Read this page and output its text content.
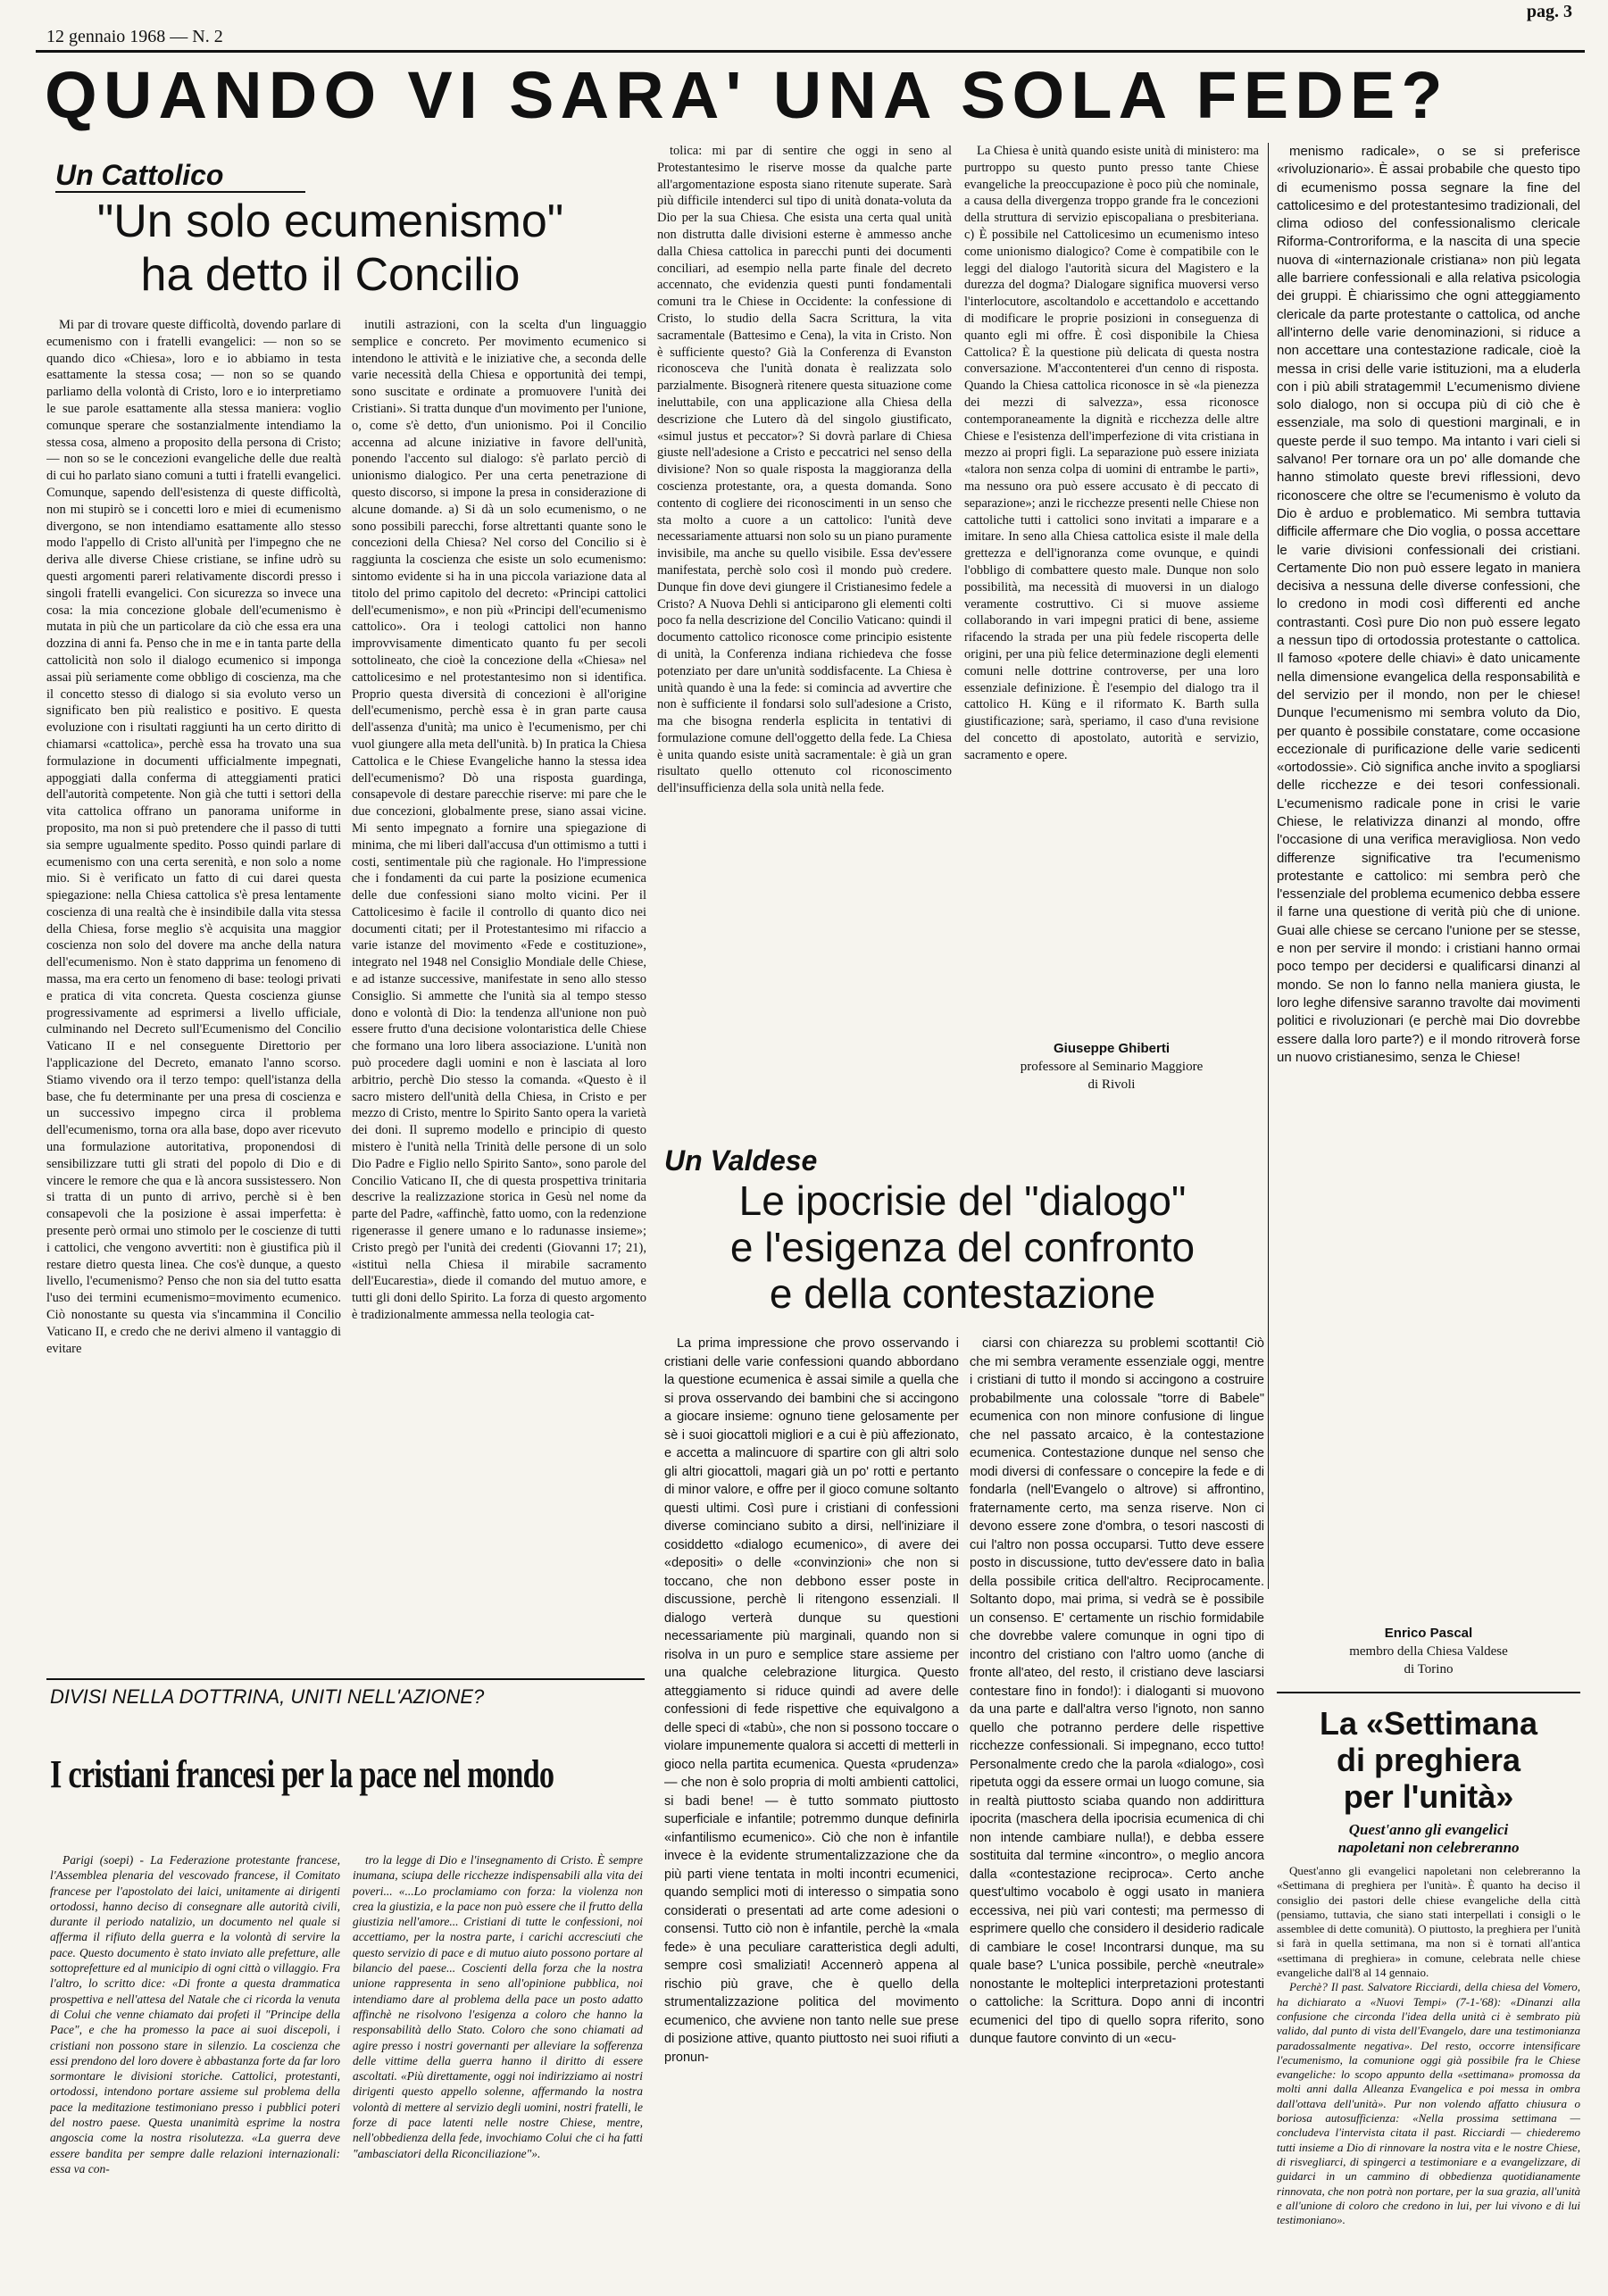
12 gennaio 1968 — N. 2
pag. 3
QUANDO VI SARA' UNA SOLA FEDE?
Un Cattolico
"Un solo ecumenismo"
ha detto il Concilio

Mi par di trovare queste difficoltà, dovendo parlare di ecumenismo con i fratelli evangelici: — non so se quando dico «Chiesa», loro e io abbiamo in testa esattamente la stessa cosa; — non so se quando parliamo della volontà di Cristo, loro e io interpretiamo le sue parole esattamente alla stessa maniera: voglio comunque sperare che sostanzialmente intendiamo la stessa cosa, almeno a proposito della persona di Cristo; — non so se le concezioni evangeliche delle due realtà di cui ho parlato siano comuni a tutti i fratelli evangelici. Comunque, sapendo dell'esistenza di queste difficoltà, non mi stupirò se i concetti loro e miei di ecumenismo divergono, se non intendiamo esattamente allo stesso modo l'appello di Cristo all'unità per l'impegno che ne deriva alle diverse Chiese cristiane, se infine udrò su questi argomenti pareri relativamente discordi presso i singoli fratelli evangelici. Con sicurezza so invece una cosa: la mia concezione globale dell'ecumenismo è mutata in più che un particolare da ciò che essa era una dozzina di anni fa. Penso che in me e in tanta parte della cattolicità non solo il dialogo ecumenico si imponga assai più seriamente come obbligo di coscienza, ma che il concetto stesso di dialogo si sia evoluto verso un significato ben più realistico e positivo. E questa evoluzione con i risultati raggiunti ha un certo diritto di chiamarsi «cattolica», perchè essa ha trovato una sua formulazione in documenti ufficialmente impegnati, appoggiati dalla conferma di atteggiamenti pratici dell'autorità competente. Non già che tutti i settori della vita cattolica offrano un panorama uniforme in proposito, ma non si può pretendere che il passo di tutti sia sempre ugualmente spedito. Posso quindi parlare di ecumenismo con una certa serenità, e non solo a nome mio. Si è verificato un fatto di cui darei questa spiegazione: nella Chiesa cattolica s'è presa lentamente coscienza di una realtà che è insindibile dalla vita stessa della Chiesa, forse meglio s'è acquisita una maggior coscienza non solo del dovere ma anche della natura dell'ecumenismo. Non è stato dapprima un fenomeno di massa, ma era certo un fenomeno di base: teologi privati e pratica di vita concreta. Questa coscienza giunse progressivamente ad esprimersi a livello ufficiale, culminando nel Decreto sull'Ecumenismo del Concilio Vaticano II e nel conseguente Direttorio per l'applicazione del Decreto, emanato l'anno scorso. Stiamo vivendo ora il terzo tempo: quell'istanza della base, che fu determinante per una presa di coscienza e un successivo impegno circa il problema dell'ecumenismo, torna ora alla base, dopo aver ricevuto una formulazione autoritativa, proponendosi di sensibilizzare tutti gli strati del popolo di Dio e di vincere le remore che qua e là ancora sussistessero. Non si tratta di un punto di arrivo, perchè si è ben consapevoli che la posizione è assai imperfetta: è presente però ormai uno stimolo per le coscienze di tutti i cattolici, che vengono avvertiti: non è giustifica più il restare dietro questa linea. Che cos'è dunque, a questo livello, l'ecumenismo? Penso che non sia del tutto esatta l'uso dei termini ecumenismo=movimento ecumenico. Ciò nonostante su questa via s'incammina il Concilio Vaticano II, e credo che ne derivi almeno il vantaggio di evitare

inutili astrazioni, con la scelta d'un linguaggio semplice e concreto. Per movimento ecumenico si intendono le attività e le iniziative che, a seconda delle varie necessità della Chiesa e opportunità dei tempi, sono suscitate e ordinate a promuovere l'unità dei Cristiani». Si tratta dunque d'un movimento per l'unione, o, come s'è detto, d'un unionismo. Poi il Concilio accenna ad alcune iniziative in favore dell'unità, ponendo l'accento sul dialogo: s'è parlato perciò di unionismo dialogico. Per una certa penetrazione di questo discorso, si impone la presa in considerazione di alcune domande. a) Si dà un solo ecumenismo, o ne sono possibili parecchi, forse altrettanti quante sono le concezioni della Chiesa? Nel corso del Concilio si è raggiunta la coscienza che esiste un solo ecumenismo: sintomo evidente si ha in una piccola variazione data al titolo del primo capitolo del decreto: «Principi cattolici dell'ecumenismo», e non più «Principi dell'ecumenismo cattolico». Ora i teologi cattolici non hanno improvvisamente dimenticato quanto fu per secoli sottolineato, che cioè la concezione della «Chiesa» nel cattolicesimo e nel protestantesimo non si identifica. Proprio questa diversità di concezioni è all'origine dell'ecumenismo, perchè essa è in gran parte causa dell'assenza d'unità; ma unico è l'ecumenismo, per chi vuol giungere alla meta dell'unità. b) In pratica la Chiesa Cattolica e le Chiese Evangeliche hanno la stessa idea dell'ecumenismo? Dò una risposta guardinga, consapevole di destare parecchie riserve: mi pare che le due concezioni, globalmente prese, siano assai vicine. Mi sento impegnato a fornire una spiegazione di minima, che mi liberi dall'accusa d'un ottimismo a tutti i costi, sentimentale più che ragionale. Ho l'impressione che i fondamenti da cui parte la posizione ecumenica delle due confessioni siano molto vicini. Per il Cattolicesimo è facile il controllo di quanto dico nei documenti citati; per il Protestantesimo mi rifaccio a varie istanze del movimento «Fede e costituzione», integrato nel 1948 nel Consiglio Mondiale delle Chiese, e ad istanze successive, manifestate in seno allo stesso Consiglio. Si ammette che l'unità sia al tempo stesso dono e volontà di Dio: la tendenza all'unione non può essere frutto d'una decisione volontaristica delle Chiese che formano una loro libera associazione. L'unità non può procedere dagli uomini e non è lasciata al loro arbitrio, perchè Dio stesso la comanda. «Questo è il sacro mistero dell'unità della Chiesa, in Cristo e per mezzo di Cristo, mentre lo Spirito Santo opera la varietà dei doni. Il supremo modello e principio di questo mistero è l'unità nella Trinità delle persone di un solo Dio Padre e Figlio nello Spirito Santo», sono parole del Concilio Vaticano II, che di questa prospettiva trinitaria descrive la realizzazione storica in Gesù nel nome da parte del Padre, «affinchè, fatto uomo, con la redenzione rigenerasse il genere umano e lo radunasse insieme»; Cristo pregò per l'unità dei credenti (Giovanni 17; 21), «istituì nella Chiesa il mirabile sacramento dell'Eucarestia», diede il comando del mutuo amore, e tutti gli doni dello Spirito. La forza di questo argomento è tradizionalmente ammessa nella teologia cat-

tolica: mi par di sentire che oggi in seno al Protestantesimo le riserve mosse da qualche parte all'argomentazione esposta siano ritenute superate. Sarà più difficile intenderci sul tipo di unità donata-voluta da Dio per la sua Chiesa. Che esista una certa qual unità non distrutta dalle divisioni esterne è ammesso anche dalla Chiesa cattolica in parecchi punti dei documenti conciliari, ad esempio nella parte finale del decreto accennato, che evidenzia questi punti fondamentali comuni tra le Chiese in Occidente: la confessione di Cristo, lo studio della Sacra Scrittura, la vita sacramentale (Battesimo e Cena), la vita in Cristo. Non è sufficiente questo? Già la Conferenza di Evanston riconosceva che l'unità donata è realizzata solo parzialmente. Bisognerà ritenere questa situazione come ineluttabile, con una applicazione alla Chiesa della descrizione che Lutero dà del singolo giustificato, «simul justus et peccator»? Si dovrà parlare di Chiesa giuste nell'adesione a Cristo e peccatrici nel senso della divisione? Non so quale risposta la maggioranza della coscienza protestante, ora, a questa domanda. Sono contento di cogliere dei riconoscimenti in un senso che sta molto a cuore a un cattolico: l'unità deve necessariamente attuarsi non solo su un piano puramente invisibile, ma anche su quello visibile. Essa dev'essere manifestata, perchè solo così il mondo può credere. Dunque fin dove devi giungere il Cristianesimo fedele a Cristo? A Nuova Dehli si anticiparono gli elementi colti poco fa nella descrizione del Concilio Vaticano: quindi il documento cattolico riconosce come principio esistente di unità, la Conferenza indiana richiedeva che fosse potenziato per dare un'unità soddisfacente. La Chiesa è unità quando è una la fede: si comincia ad avvertire che non è sufficiente il fondarsi solo sull'adesione a Cristo, ma che bisogna renderla esplicita in tentativi di formulazione comune dell'oggetto della fede. La Chiesa è unita quando esiste unità sacramentale: è già un gran risultato quello ottenuto col riconoscimento dell'insufficienza della sola unità nella fede.

La Chiesa è unità quando esiste unità di ministero: ma purtroppo su questo punto presso tante Chiese evangeliche la preoccupazione è poco più che nominale, a causa della divergenza troppo grande fra le concezioni della struttura di servizio episcopaliana o presbiteriana. c) È possibile nel Cattolicesimo un ecumenismo inteso come unionismo dialogico? Come è compatibile con le leggi del dialogo l'autorità sicura del Magistero e la durezza del dogma? Dialogare significa muoversi verso l'interlocutore, ascoltandolo e accettandolo e accettando di modificare le proprie posizioni in conseguenza di quanto egli mi offre. È così disponibile la Chiesa Cattolica? È la questione più delicata di questa nostra conversazione. M'accontenterei d'un cenno di risposta. Quando la Chiesa cattolica riconosce in sè «la pienezza dei mezzi di salvezza», essa riconosce contemporaneamente la dignità e ricchezza delle altre Chiese e l'esistenza dell'imperfezione di vita cristiana in mezzo ai propri figli. La separazione può essere iniziata «talora non senza colpa di uomini di entrambe le parti», ma nessuno ora può essere accusato è di peccato di separazione»; anzi le ricchezze presenti nelle Chiese non cattoliche tutti i cattolici sono invitati a imparare e a imitare. In seno alla Chiesa cattolica esiste il male della grettezza e dell'ignoranza come ovunque, e quindi l'obbligo di combattere questo male. Dunque non solo possibilità, ma necessità di muoversi in un dialogo veramente costruttivo. Ci si muove assieme collaborando in vari impegni pratici di bene, assieme rifacendo la strada per una più fedele riscoperta delle origini, per una più felice determinazione degli elementi comuni nelle dottrine controverse, per una loro essenziale definizione. È l'esempio del dialogo tra il cattolico H. Küng e il riformato K. Barth sulla giustificazione; sarà, speriamo, il caso d'una revisione del concetto di apostolato, autorità e servizio, sacramento e opere.

Giuseppe Ghiberti
professore al Seminario Maggiore
di Rivoli

menismo radicale», o se si preferisce «rivoluzionario». È assai probabile che questo tipo di ecumenismo possa segnare la fine del cattolicesimo e del protestantesimo tradizionali, del clima odioso del confessionalismo clericale Riforma-Controriforma, e la nascita di una specie nuova di «internazionale cristiana» non più legata alle barriere confessionali e alla relativa psicologia dei gruppi. È chiarissimo che ogni atteggiamento clericale da parte protestante o cattolica, od anche all'interno delle varie denominazioni, si riduce a non accettare una contestazione radicale, cioè la messa in crisi delle varie istituzioni, ma a eluderla con i più abili stratagemmi! L'ecumenismo diviene solo dialogo, non si occupa più di ciò che è essenziale, ma solo di questioni marginali, e in queste perde il suo tempo. Ma intanto i vari cieli si salvano! Per tornare ora un po' alle domande che hanno stimolato queste brevi riflessioni, devo riconoscere che oltre se l'ecumenismo è voluto da Dio è arduo e problematico. Mi sembra tuttavia difficile affermare che Dio voglia, o possa accettare le varie divisioni confessionali dei cristiani. Certamente Dio non può essere legato in maniera decisiva a nessuna delle diverse confessioni, che lo credono in modi così differenti ed anche contrastanti. Così pure Dio non può essere legato a nessun tipo di ortodossia protestante o cattolica. Il famoso «potere delle chiavi» è dato unicamente nella dimensione evangelica della responsabilità e del servizio per il mondo, non per le chiese! Dunque l'ecumenismo mi sembra voluto da Dio, per quanto è possibile constatare, come occasione eccezionale di purificazione delle varie sedicenti «ortodossie». Ciò significa anche invito a spogliarsi delle ricchezze e dei tesori confessionali. L'ecumenismo radicale pone in crisi le varie Chiese, le relativizza dinanzi al mondo, offre l'occasione di una verifica meravigliosa. Non vedo differenze significative tra l'ecumenismo protestante e cattolico: mi sembra però che l'essenziale del problema ecumenico debba essere il farne una questione di verità più che di unione. Guai alle chiese se cercano l'unione per se stesse, e non per servire il mondo: i cristiani hanno ormai poco tempo per decidersi e qualificarsi dinanzi al mondo. Se non lo fanno nella maniera giusta, le loro leghe difensive saranno travolte dai movimenti politici e rivoluzionari (e perchè mai Dio dovrebbe essere dalla loro parte?) e il mondo ritroverà forse un nuovo cristianesimo, senza le Chiese!

Enrico Pascal
membro della Chiesa Valdese
di Torino
Un Valdese
Le ipocrisie del "dialogo"
e l'esigenza del confronto
e della contestazione

La prima impressione che provo osservando i cristiani delle varie confessioni quando abbordano la questione ecumenica è assai simile a quella che si prova osservando dei bambini che si accingono a giocare insieme: ognuno tiene gelosamente per sè i suoi giocattoli migliori e a cui è più affezionato, e accetta a malincuore di spartire con gli altri solo gli altri giocattoli, magari già un po' rotti e pertanto di minor valore, e offre per il gioco comune soltanto questi ultimi. Così pure i cristiani di confessioni diverse cominciano subito a dirsi, nell'iniziare il cosiddetto «dialogo ecumenico», di avere dei «depositi» o delle «convinzioni» che non si toccano, che non debbono esser poste in discussione, perchè li ritengono essenziali. Il dialogo verterà dunque su questioni necessariamente più marginali, quando non si risolva in un puro e semplice stare assieme per una qualche celebrazione liturgica. Questo atteggiamento si riduce quindi ad avere delle confessioni di fede rispettive che equivalgono a delle speci di «tabù», che non si possono toccare o violare impunemente qualora si accetti di metterli in gioco nella partita ecumenica. Questa «prudenza» — che non è solo propria di molti ambienti cattolici, si badi bene! — è tutto sommato piuttosto superficiale e infantile; potremmo dunque definirla «infantilismo ecumenico». Ciò che non è infantile invece è la evidente strumentalizzazione che da più parti viene tentata in molti incontri ecumenici, quando semplici moti di interesso o simpatia sono considerati o presentati ad arte come adesioni o consensi. Tutto ciò non è infantile, perchè la «mala fede» è una peculiare caratteristica degli adulti, sempre così smaliziati! Accennerò appena al rischio più grave, che è quello della strumentalizzazione politica del movimento ecumenico, che avviene non tanto nelle sue prese di posizione attive, quanto piuttosto nei suoi rifiuti a pronun-

ciarsi con chiarezza su problemi scottanti! Ciò che mi sembra veramente essenziale oggi, mentre i cristiani di tutto il mondo si accingono a costruire probabilmente una colossale "torre di Babele" ecumenica con non minore confusione di lingue che nel passato arcaico, è la contestazione ecumenica. Contestazione dunque nel senso che modi diversi di confessare o concepire la fede e di fondarla (nell'Evangelo o altrove) si affrontino, fraternamente certo, ma senza riserve. Non ci devono essere zone d'ombra, o tesori nascosti di cui l'altro non possa occuparsi. Tutto deve essere posto in discussione, tutto dev'essere dato in balìa della possibile critica dell'altro. Reciprocamente. Soltanto dopo, mai prima, si vedrà se è possibile un consenso. E' certamente un rischio formidabile che dovrebbe valere comunque in ogni tipo di incontro del cristiano con l'altro uomo (anche di fronte all'ateo, del resto, il cristiano deve lasciarsi contestare fino in fondo!): i dialoganti si muovono da una parte e dall'altra verso l'ignoto, non sanno quello che potranno perdere delle rispettive ricchezze confessionali. Si impegnano, ecco tutto! Personalmente credo che la parola «dialogo», così ripetuta oggi da essere ormai un luogo comune, sia in realtà piuttosto sciaba quando non addirittura ipocrita (maschera della ipocrisia ecumenica di chi non intende cambiare nulla!), e debba essere sostituita dal termine «incontro», o meglio ancora dalla «contestazione reciproca». Certo anche quest'ultimo vocabolo è oggi usato in maniera eccessiva, nei più vari contesti; ma permesso di esprimere quello che considero il desiderio radicale di cambiare le cose! Incontrarsi dunque, ma su quale base? L'unica possibile, perchè «neutrale» nonostante le molteplici interpretazioni protestanti o cattoliche: la Scrittura. Dopo anni di incontri ecumenici del tipo di quello sopra riferito, sono dunque fautore convinto di un «ecu-

La «Settimana
di preghiera
per l'unità»
Quest'anno gli evangelici
napoletani non celebreranno

Quest'anno gli evangelici napoletani non celebreranno la «Settimana di preghiera per l'unità». È quanto ha deciso il consiglio dei pastori delle chiese evangeliche della città (pensiamo, tuttavia, che siano stati interpellati i consigli o le assemblee di dette comunità). O piuttosto, la preghiera per l'unità si farà in quella settimana, ma non si è tornati all'antica «settimana di preghiera» in comune, celebrata nelle chiese evangeliche dall'8 al 14 gennaio.

Perchè? Il past. Salvatore Ricciardi, della chiesa del Vomero, ha dichiarato a «Nuovi Tempi» (7-1-'68): «Dinanzi alla confusione che circonda l'idea della unità ci è sembrato più valido, dal punto di vista dell'Evangelo, dare una testimonianza paradossalmente negativa». Del resto, occorre intensificare l'ecumenismo, la comunione oggi già possibile fra le Chiese evangeliche: lo scopo appunto della «settimana» promossa da molti anni dalla Alleanza Evangelica e poi messa in ombra dall'ottava dell'unità». Pur non volendo affatto chiusura o boriosa autosufficienza: «Nella prossima settimana — concludeva l'intervista citata il past. Ricciardi — chiederemo tutti insieme a Dio di rinnovare la nostra vita e le nostre Chiese, di risvegliarci, di spingerci a testimoniare e a evangelizzare, di guidarci in un cammino di obbedienza quotidianamente rinnovata, che non potrà non portare, per la sua grazia, all'unità e all'unione di coloro che credono in lui, per lui vivono e di lui testimoniano».

DIVISI NELLA DOTTRINA, UNITI NELL'AZIONE?
I cristiani francesi per la pace nel mondo

Parigi (soepi) - La Federazione protestante francese, l'Assemblea plenaria del vescovado francese, il Comitato francese per l'apostolato dei laici, unitamente ai dirigenti ortodossi, hanno deciso di consegnare alle autorità civili, durante il periodo natalizio, un documento nel quale si afferma il rifiuto della guerra e la volontà di servire la pace. Questo documento è stato inviato alle prefetture, alle sottoprefetture ed al municipio di ogni città o villaggio. Fra l'altro, lo scritto dice: «Di fronte a questa drammatica prospettiva e nell'attesa del Natale che ci ricorda la venuta di Colui che venne chiamato dai profeti il "Principe della Pace", e che ha promesso la pace ai suoi discepoli, i cristiani non possono stare in silenzio. La coscienza che essi prendono del loro dovere è abbastanza forte da far loro sormontare le divisioni storiche. Cattolici, protestanti, ortodossi, intendono portare assieme sul problema della pace la meditazione testimoniano presso i pubblici poteri del nostro paese. Questa unanimità esprime la nostra angoscia come la nostra risolutezza. «La guerra deve essere bandita per sempre dalle relazioni internazionali: essa va con-

tro la legge di Dio e l'insegnamento di Cristo. È sempre inumana, sciupa delle ricchezze indispensabili alla vita dei poveri... «...Lo proclamiamo con forza: la violenza non crea la giustizia, e la pace non può essere che il frutto della giustizia nell'amore... Cristiani di tutte le confessioni, noi accettiamo, per la nostra parte, i carichi accresciuti che questo servizio di pace e di mutuo aiuto possono portare al bilancio del paese... Coscienti della forza che la nostra unione rappresenta in seno all'opinione pubblica, noi intendiamo dare al problema della pace un posto adatto affinchè ne risolvono l'esigenza a coloro che hanno la responsabilità dello Stato. Coloro che sono chiamati ad agire presso i nostri governanti per alleviare la sofferenza delle vittime della guerra hanno il diritto di essere ascoltati. «Più direttamente, oggi noi indirizziamo ai nostri dirigenti questo appello solenne, affermando la nostra volontà di mettere al servizio degli uomini, nostri fratelli, le forze di pace latenti nelle nostre Chiese, mentre, nell'obbedienza della fede, invochiamo Colui che ci ha fatti "ambasciatori della Riconciliazione"».
